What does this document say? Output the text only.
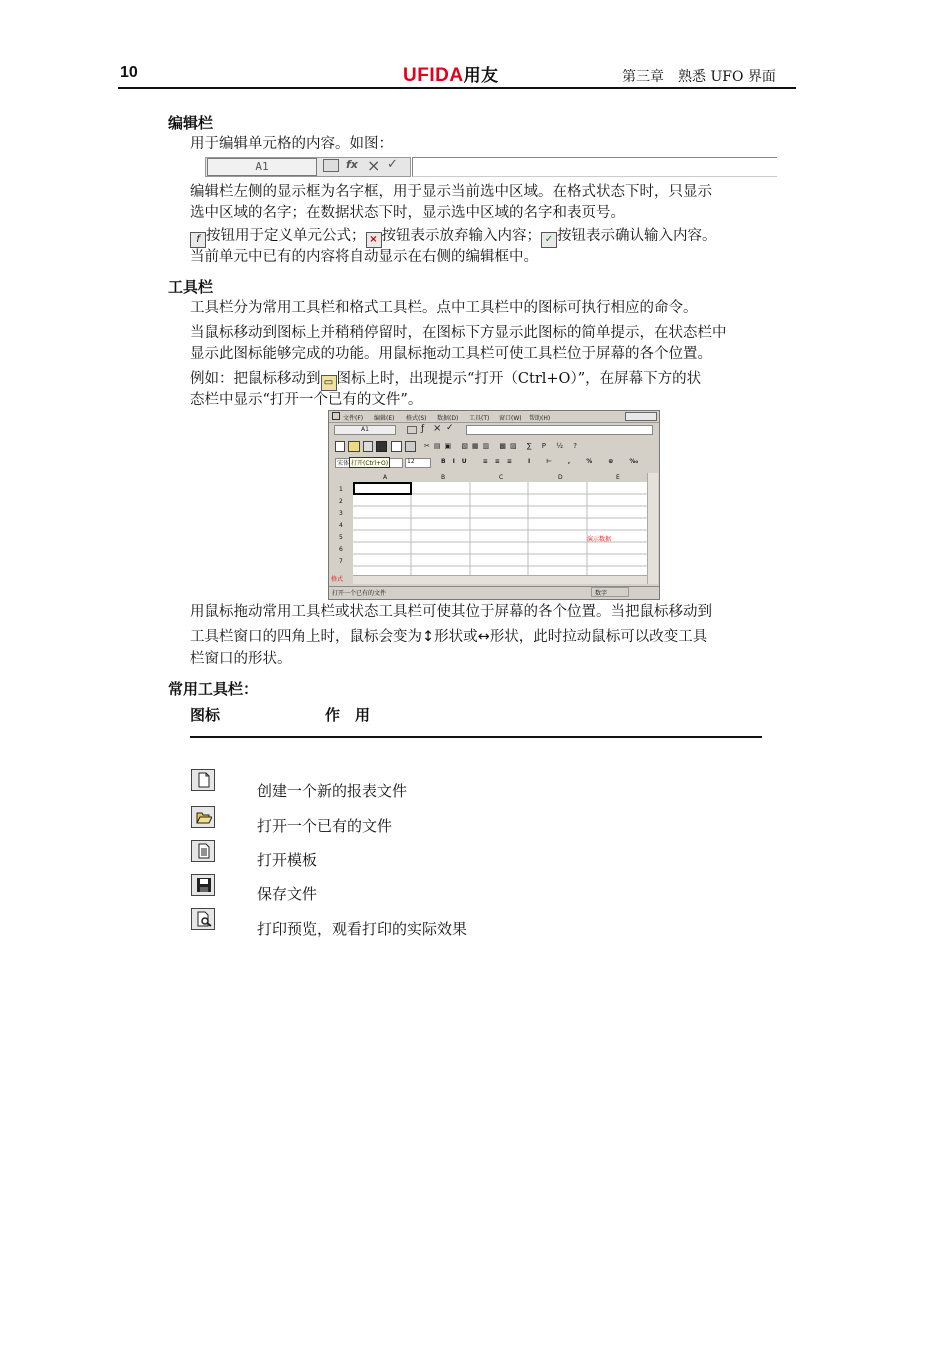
10	UFIDA用友	第三章　熟悉 UFO 界面
编辑栏
用于编辑单元格的内容。如图：
A1	fx × ✓
编辑栏左侧的显示框为名字框，用于显示当前选中区域。在格式状态下时，只显示
选中区域的名字；在数据状态下时，显示选中区域的名字和表页号。
f 按钮用于定义单元公式； × 按钮表示放弃输入内容； ✓ 按钮表示确认输入内容。
当前单元中已有的内容将自动显示在右侧的编辑框中。
工具栏
工具栏分为常用工具栏和格式工具栏。点中工具栏中的图标可执行相应的命令。
当鼠标移动到图标上并稍稍停留时，在图标下方显示此图标的简单提示，在状态栏中
显示此图标能够完成的功能。用鼠标拖动工具栏可使工具栏位于屏幕的各个位置。
例如：把鼠标移动到 ▭ 图标上时，出现提示“打开（Ctrl+O）”，在屏幕下方的状
态栏中显示“打开一个已有的文件”。
文件(F) 编辑(E) 格式(S) 数据(D) 工具(T) 窗口(W) 帮助(H)
A1	ƒ × ✓
✂▤▣ ▧▦▥ ▩▨ ∑ Ρ ½ ?
宋体 打开(Ctrl+O)	12	BIU ≡≡≡ I ⊢ , % ⊕ ‰
A	B	C	D	E
1
2
3
4
5
6
7
演示数据
格式
打开一个已有的文件	数字
用鼠标拖动常用工具栏或状态工具栏可使其位于屏幕的各个位置。当把鼠标移动到
工具栏窗口的四角上时，鼠标会变为↕形状或↔形状，此时拉动鼠标可以改变工具
栏窗口的形状。
常用工具栏：
图标	作　用
创建一个新的报表文件
打开一个已有的文件
打开模板
保存文件
打印预览，观看打印的实际效果
